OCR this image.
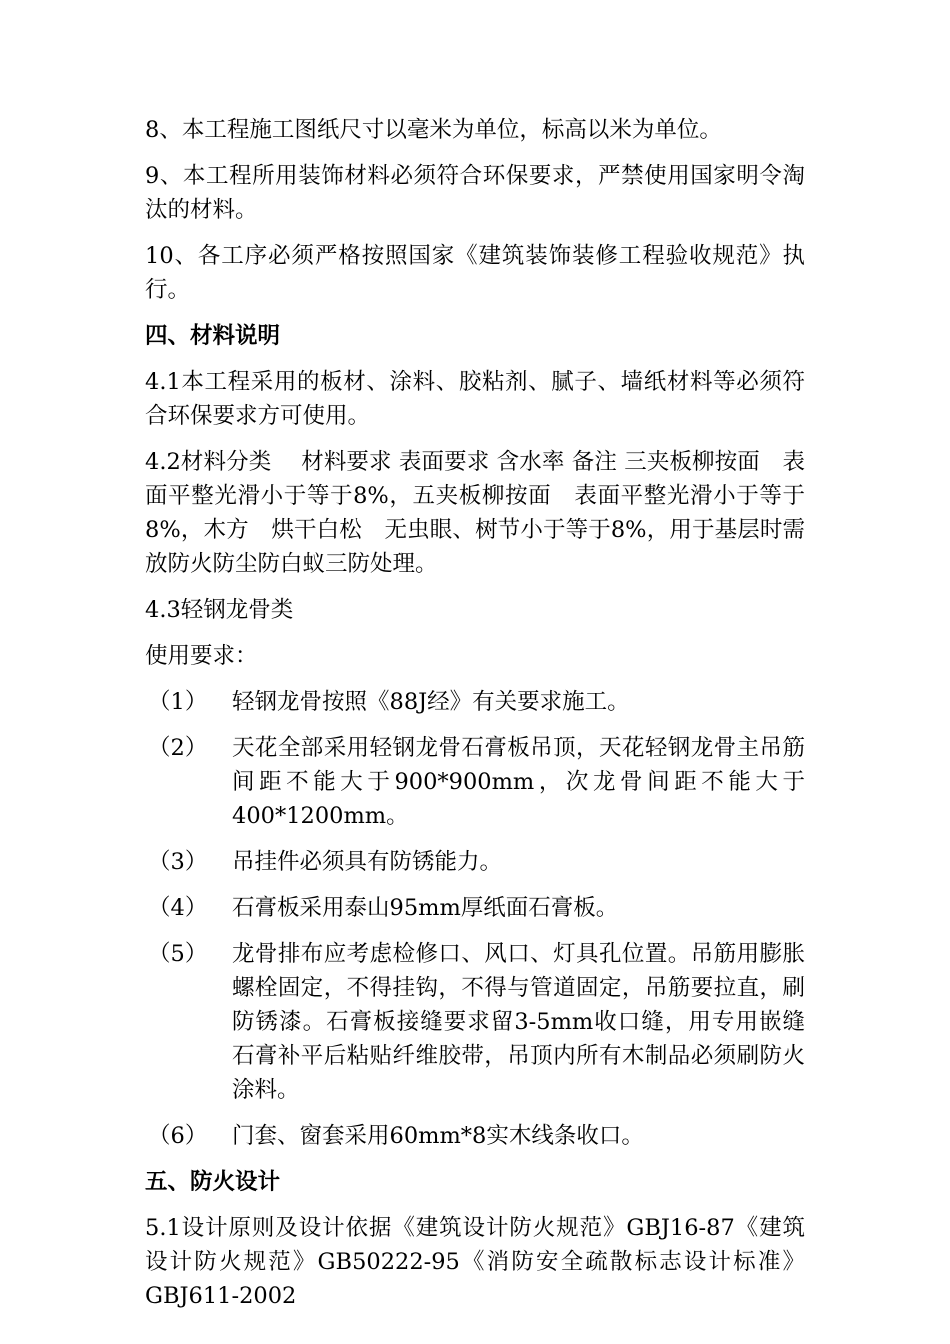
8、本工程施工图纸尺寸以毫米为单位，标高以米为单位。

9、本工程所用装饰材料必须符合环保要求，严禁使用国家明令淘汰的材料。

10、各工序必须严格按照国家《建筑装饰装修工程验收规范》执行。

四、材料说明

4.1本工程采用的板材、涂料、胶粘剂、腻子、墙纸材料等必须符合环保要求方可使用。

4.2材料分类　 材料要求 表面要求 含水率 备注 三夹板柳按面　表面平整光滑小于等于8%，五夹板柳按面　表面平整光滑小于等于8%，木方　烘干白松　无虫眼、树节小于等于8%，用于基层时需放防火防尘防白蚁三防处理。

4.3轻钢龙骨类

使用要求：

（1）	轻钢龙骨按照《88J经》有关要求施工。
（2）	天花全部采用轻钢龙骨石膏板吊顶，天花轻钢龙骨主吊筋间距不能大于900*900mm，次龙骨间距不能大于400*1200mm。
（3）	吊挂件必须具有防锈能力。
（4）	石膏板采用泰山95mm厚纸面石膏板。
（5）	龙骨排布应考虑检修口、风口、灯具孔位置。吊筋用膨胀螺栓固定，不得挂钩，不得与管道固定，吊筋要拉直，刷防锈漆。石膏板接缝要求留3-5mm收口缝，用专用嵌缝石膏补平后粘贴纤维胶带，吊顶内所有木制品必须刷防火涂料。
（6）	门套、窗套采用60mm*8实木线条收口。

五、防火设计

5.1设计原则及设计依据《建筑设计防火规范》GBJ16-87《建筑设计防火规范》GB50222-95《消防安全疏散标志设计标准》GBJ611-2002
